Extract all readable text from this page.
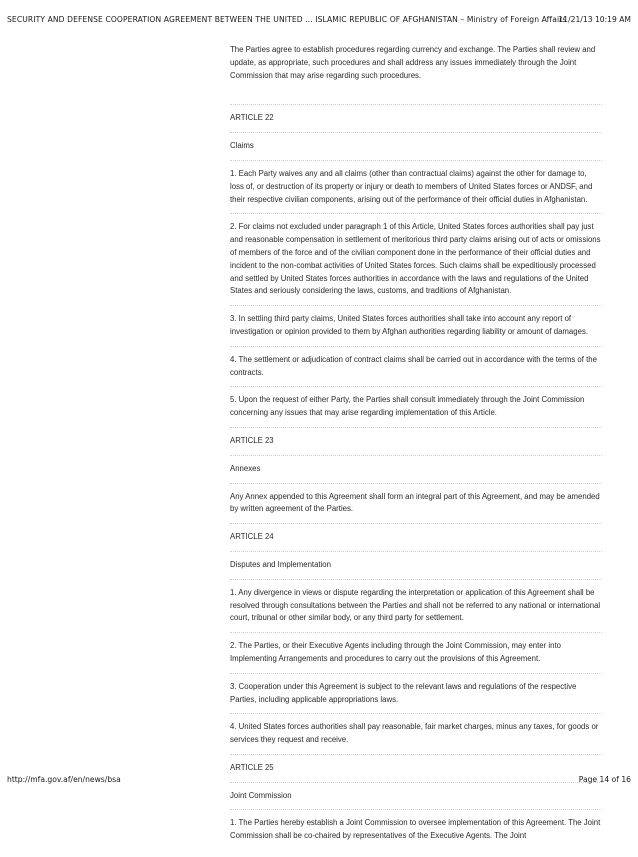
SECURITY AND DEFENSE COOPERATION AGREEMENT BETWEEN THE UNITED ... ISLAMIC REPUBLIC OF AFGHANISTAN – Ministry of Foreign Affairs
11/21/13 10:19 AM

The Parties agree to establish procedures regarding currency and exchange. The Parties shall review and update, as appropriate, such procedures and shall address any issues immediately through the Joint Commission that may arise regarding such procedures.

ARTICLE 22

Claims

1. Each Party waives any and all claims (other than contractual claims) against the other for damage to, loss of, or destruction of its property or injury or death to members of United States forces or ANDSF, and their respective civilian components, arising out of the performance of their official duties in Afghanistan.

2. For claims not excluded under paragraph 1 of this Article, United States forces authorities shall pay just and reasonable compensation in settlement of meritorious third party claims arising out of acts or omissions of members of the force and of the civilian component done in the performance of their official duties and incident to the non-combat activities of United States forces. Such claims shall be expeditiously processed and settled by United States forces authorities in accordance with the laws and regulations of the United States and seriously considering the laws, customs, and traditions of Afghanistan.

3. In settling third party claims, United States forces authorities shall take into account any report of investigation or opinion provided to them by Afghan authorities regarding liability or amount of damages.

4. The settlement or adjudication of contract claims shall be carried out in accordance with the terms of the contracts.

5. Upon the request of either Party, the Parties shall consult immediately through the Joint Commission concerning any issues that may arise regarding implementation of this Article.

ARTICLE 23

Annexes

Any Annex appended to this Agreement shall form an integral part of this Agreement, and may be amended by written agreement of the Parties.

ARTICLE 24

Disputes and Implementation

1. Any divergence in views or dispute regarding the interpretation or application of this Agreement shall be resolved through consultations between the Parties and shall not be referred to any national or international court, tribunal or other similar body, or any third party for settlement.

2. The Parties, or their Executive Agents including through the Joint Commission, may enter into Implementing Arrangements and procedures to carry out the provisions of this Agreement.

3. Cooperation under this Agreement is subject to the relevant laws and regulations of the respective Parties, including applicable appropriations laws.

4. United States forces authorities shall pay reasonable, fair market charges, minus any taxes, for goods or services they request and receive.

ARTICLE 25

Joint Commission

1. The Parties hereby establish a Joint Commission to oversee implementation of this Agreement. The Joint Commission shall be co-chaired by representatives of the Executive Agents. The Joint

http://mfa.gov.af/en/news/bsa	Page 14 of 16
